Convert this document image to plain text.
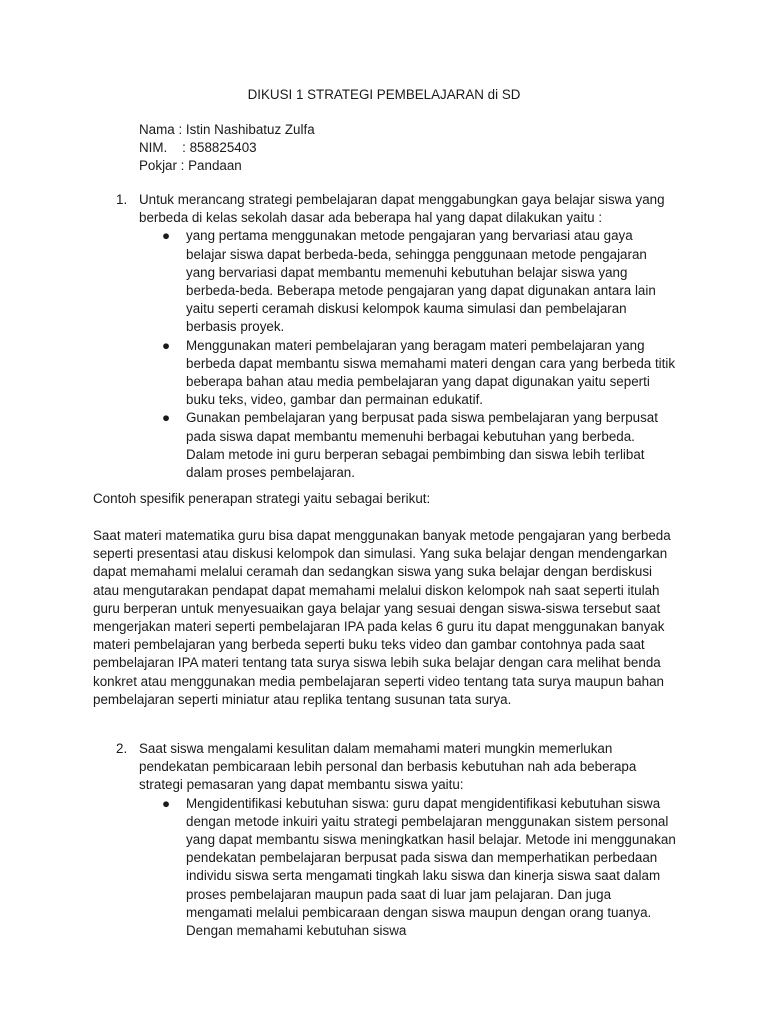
DIKUSI 1 STRATEGI PEMBELAJARAN di SD
Nama : Istin Nashibatuz Zulfa
NIM.    : 858825403
Pokjar : Pandaan
1. Untuk merancang strategi pembelajaran dapat menggabungkan gaya belajar siswa yang berbeda di kelas sekolah dasar ada beberapa hal yang dapat dilakukan yaitu :
● yang pertama menggunakan metode pengajaran yang bervariasi atau gaya belajar siswa dapat berbeda-beda, sehingga penggunaan metode pengajaran yang bervariasi dapat membantu memenuhi kebutuhan belajar siswa yang berbeda-beda. Beberapa metode pengajaran yang dapat digunakan antara lain yaitu seperti ceramah diskusi kelompok kauma simulasi dan pembelajaran berbasis proyek.
● Menggunakan materi pembelajaran yang beragam materi pembelajaran yang berbeda dapat membantu siswa memahami materi dengan cara yang berbeda titik beberapa bahan atau media pembelajaran yang dapat digunakan yaitu seperti buku teks, video, gambar dan permainan edukatif.
● Gunakan pembelajaran yang berpusat pada siswa pembelajaran yang berpusat pada siswa dapat membantu memenuhi berbagai kebutuhan yang berbeda. Dalam metode ini guru berperan sebagai pembimbing dan siswa lebih terlibat dalam proses pembelajaran.
Contoh spesifik penerapan strategi yaitu sebagai berikut:
Saat materi matematika guru bisa dapat menggunakan banyak metode pengajaran yang berbeda seperti presentasi atau diskusi kelompok dan simulasi. Yang suka belajar dengan mendengarkan dapat memahami melalui ceramah dan sedangkan siswa yang suka belajar dengan berdiskusi atau mengutarakan pendapat dapat memahami melalui diskon kelompok nah saat seperti itulah guru berperan untuk menyesuaikan gaya belajar yang sesuai dengan siswa-siswa tersebut saat mengerjakan materi seperti pembelajaran IPA pada kelas 6 guru itu dapat menggunakan banyak materi pembelajaran yang berbeda seperti buku teks video dan gambar contohnya pada saat pembelajaran IPA materi tentang tata surya siswa lebih suka belajar dengan cara melihat benda konkret atau menggunakan media pembelajaran seperti video tentang tata surya maupun bahan pembelajaran seperti miniatur atau replika tentang susunan tata surya.
2. Saat siswa mengalami kesulitan dalam memahami materi mungkin memerlukan pendekatan pembicaraan lebih personal dan berbasis kebutuhan nah ada beberapa strategi pemasaran yang dapat membantu siswa yaitu:
● Mengidentifikasi kebutuhan siswa: guru dapat mengidentifikasi kebutuhan siswa dengan metode inkuiri yaitu strategi pembelajaran menggunakan sistem personal yang dapat membantu siswa meningkatkan hasil belajar. Metode ini menggunakan pendekatan pembelajaran berpusat pada siswa dan memperhatikan perbedaan individu siswa serta mengamati tingkah laku siswa dan kinerja siswa saat dalam proses pembelajaran maupun pada saat di luar jam pelajaran. Dan juga mengamati melalui pembicaraan dengan siswa maupun dengan orang tuanya. Dengan memahami kebutuhan siswa
